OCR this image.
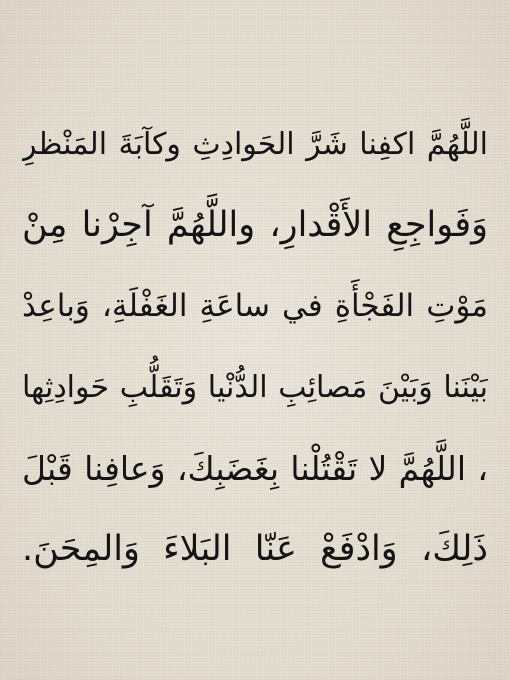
اللَّهُمَّ اكفِنا شَرَّ الحَوادِثِ وكآبَةَ المَنْظرِ
وَفَواجِعِ الأَقْدارِ، واللَّهُمَّ آجِرْنا مِنْ
مَوْتِ الفَجْأَةِ في ساعَةِ الغَفْلَةِ، وَباعِدْ
بَيْنَنا وَبَيْنَ مَصائِبِ الدُّنْيا وَتَقَلُّبِ حَوادِثِها
، اللَّهُمَّ لا تَقْتُلْنا بِغَضَبِكَ، وَعافِنا قَبْلَ
ذَلِكَ، وَادْفَعْ عَنّا البَلاءَ وَالمِحَنَ.
